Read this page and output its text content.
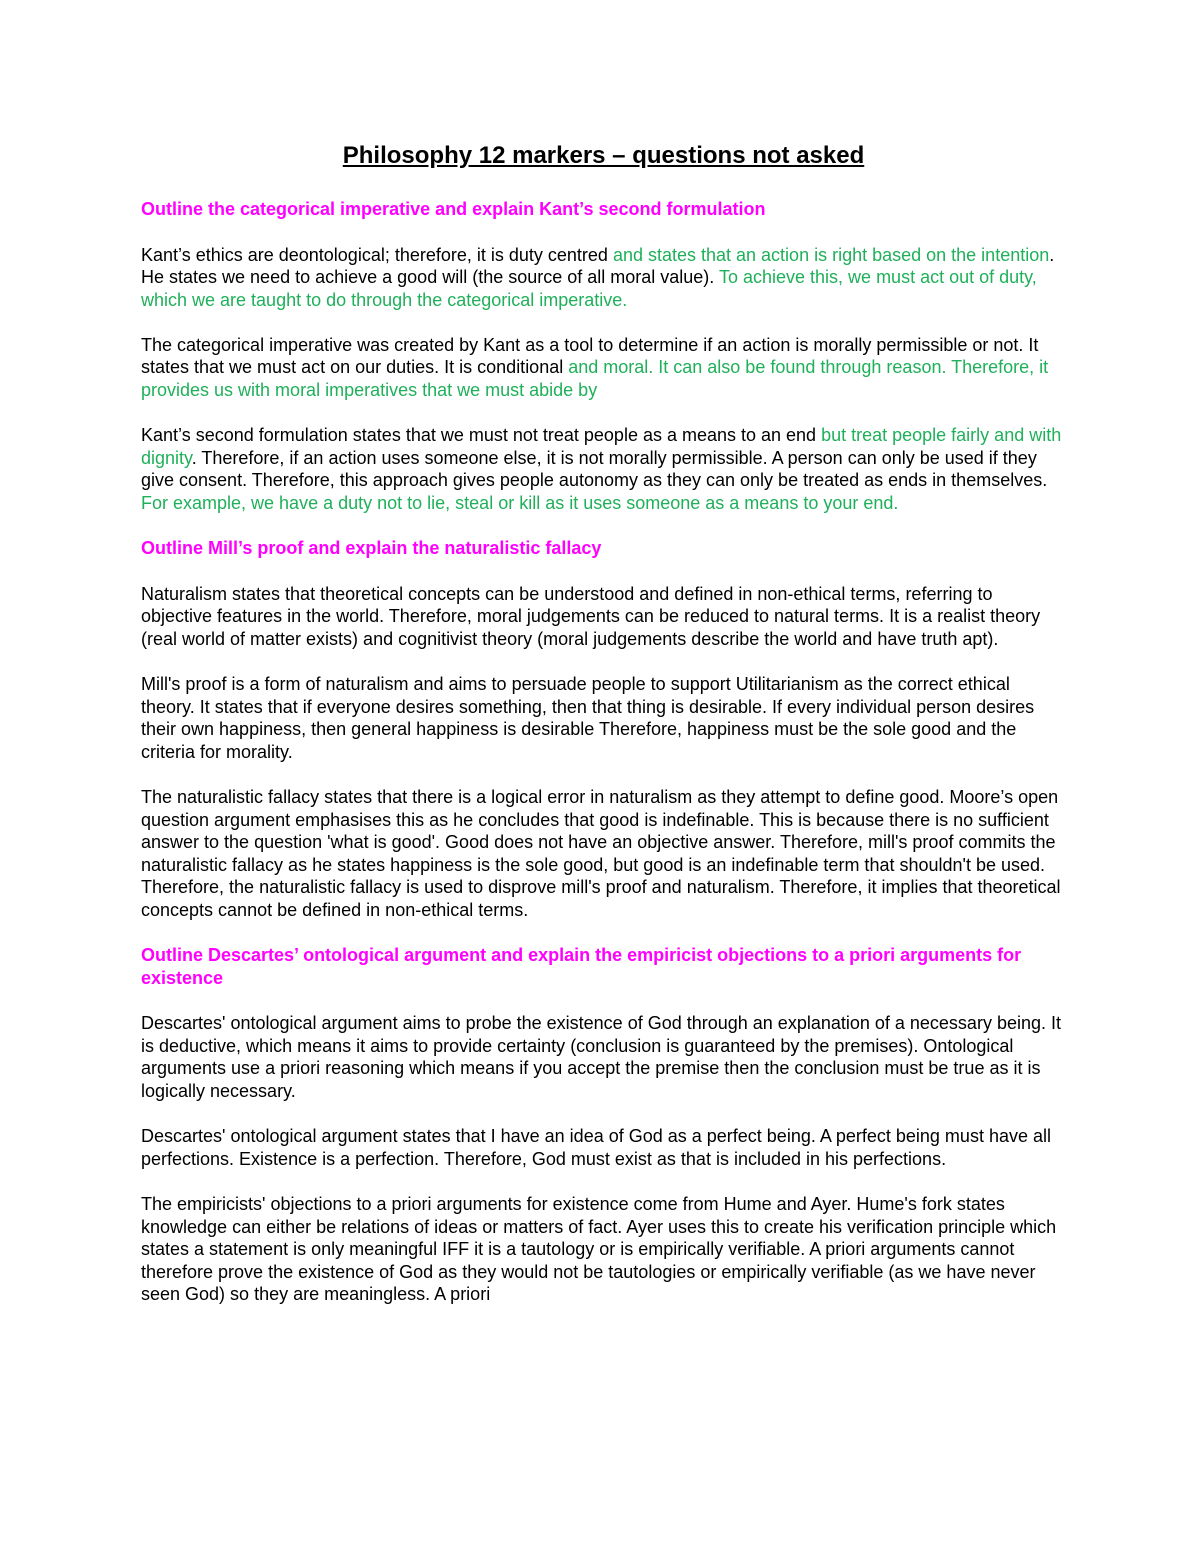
Philosophy 12 markers – questions not asked
Outline the categorical imperative and explain Kant’s second formulation

Kant’s ethics are deontological; therefore, it is duty centred and states that an action is right based on the intention. He states we need to achieve a good will (the source of all moral value). To achieve this, we must act out of duty, which we are taught to do through the categorical imperative.

The categorical imperative was created by Kant as a tool to determine if an action is morally permissible or not. It states that we must act on our duties. It is conditional and moral. It can also be found through reason. Therefore, it provides us with moral imperatives that we must abide by

Kant’s second formulation states that we must not treat people as a means to an end but treat people fairly and with dignity. Therefore, if an action uses someone else, it is not morally permissible. A person can only be used if they give consent. Therefore, this approach gives people autonomy as they can only be treated as ends in themselves. For example, we have a duty not to lie, steal or kill as it uses someone as a means to your end.

Outline Mill’s proof and explain the naturalistic fallacy

Naturalism states that theoretical concepts can be understood and defined in non-ethical terms, referring to objective features in the world. Therefore, moral judgements can be reduced to natural terms. It is a realist theory (real world of matter exists) and cognitivist theory (moral judgements describe the world and have truth apt).

Mill's proof is a form of naturalism and aims to persuade people to support Utilitarianism as the correct ethical theory. It states that if everyone desires something, then that thing is desirable. If every individual person desires their own happiness, then general happiness is desirable Therefore, happiness must be the sole good and the criteria for morality.

The naturalistic fallacy states that there is a logical error in naturalism as they attempt to define good. Moore’s open question argument emphasises this as he concludes that good is indefinable. This is because there is no sufficient answer to the question 'what is good'. Good does not have an objective answer. Therefore, mill's proof commits the naturalistic fallacy as he states happiness is the sole good, but good is an indefinable term that shouldn't be used. Therefore, the naturalistic fallacy is used to disprove mill's proof and naturalism. Therefore, it implies that theoretical concepts cannot be defined in non-ethical terms.

Outline Descartes’ ontological argument and explain the empiricist objections to a priori arguments for existence

Descartes' ontological argument aims to probe the existence of God through an explanation of a necessary being. It is deductive, which means it aims to provide certainty (conclusion is guaranteed by the premises). Ontological arguments use a priori reasoning which means if you accept the premise then the conclusion must be true as it is logically necessary.

Descartes' ontological argument states that I have an idea of God as a perfect being. A perfect being must have all perfections. Existence is a perfection. Therefore, God must exist as that is included in his perfections.

The empiricists' objections to a priori arguments for existence come from Hume and Ayer. Hume's fork states knowledge can either be relations of ideas or matters of fact. Ayer uses this to create his verification principle which states a statement is only meaningful IFF it is a tautology or is empirically verifiable. A priori arguments cannot therefore prove the existence of God as they would not be tautologies or empirically verifiable (as we have never seen God) so they are meaningless. A priori
